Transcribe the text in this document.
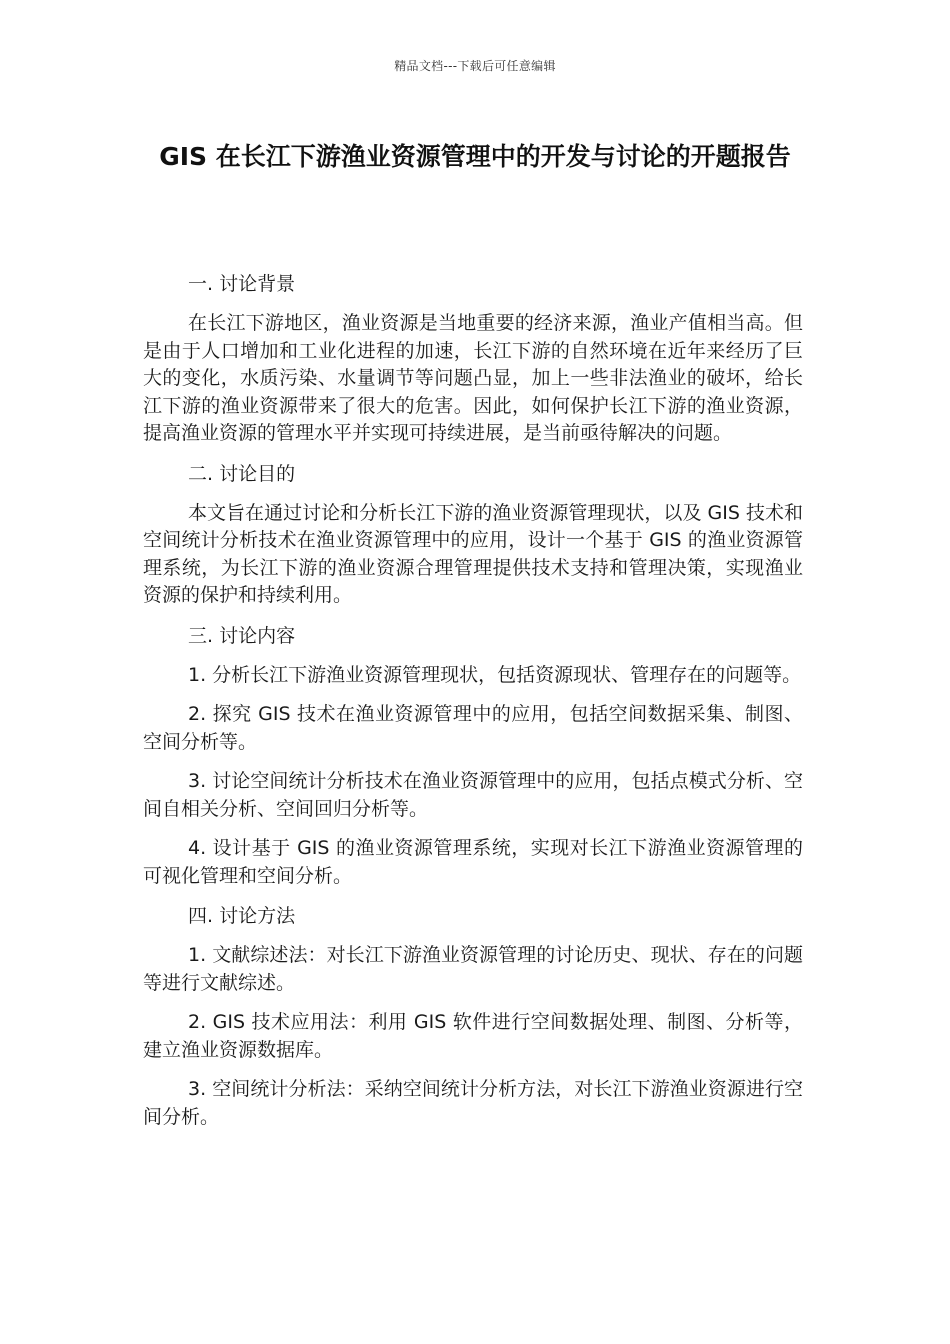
精品文档---下载后可任意编辑
GIS 在长江下游渔业资源管理中的开发与讨论的开题报告

一. 讨论背景

在长江下游地区，渔业资源是当地重要的经济来源，渔业产值相当高。但是由于人口增加和工业化进程的加速，长江下游的自然环境在近年来经历了巨大的变化，水质污染、水量调节等问题凸显，加上一些非法渔业的破坏，给长江下游的渔业资源带来了很大的危害。因此，如何保护长江下游的渔业资源，提高渔业资源的管理水平并实现可持续进展，是当前亟待解决的问题。

二. 讨论目的

本文旨在通过讨论和分析长江下游的渔业资源管理现状，以及 GIS 技术和空间统计分析技术在渔业资源管理中的应用，设计一个基于 GIS 的渔业资源管理系统，为长江下游的渔业资源合理管理提供技术支持和管理决策，实现渔业资源的保护和持续利用。

三. 讨论内容

1. 分析长江下游渔业资源管理现状，包括资源现状、管理存在的问题等。

2. 探究 GIS 技术在渔业资源管理中的应用，包括空间数据采集、制图、空间分析等。

3. 讨论空间统计分析技术在渔业资源管理中的应用，包括点模式分析、空间自相关分析、空间回归分析等。

4. 设计基于 GIS 的渔业资源管理系统，实现对长江下游渔业资源管理的可视化管理和空间分析。

四. 讨论方法

1. 文献综述法：对长江下游渔业资源管理的讨论历史、现状、存在的问题等进行文献综述。

2. GIS 技术应用法：利用 GIS 软件进行空间数据处理、制图、分析等，建立渔业资源数据库。

3. 空间统计分析法：采纳空间统计分析方法，对长江下游渔业资源进行空间分析。
